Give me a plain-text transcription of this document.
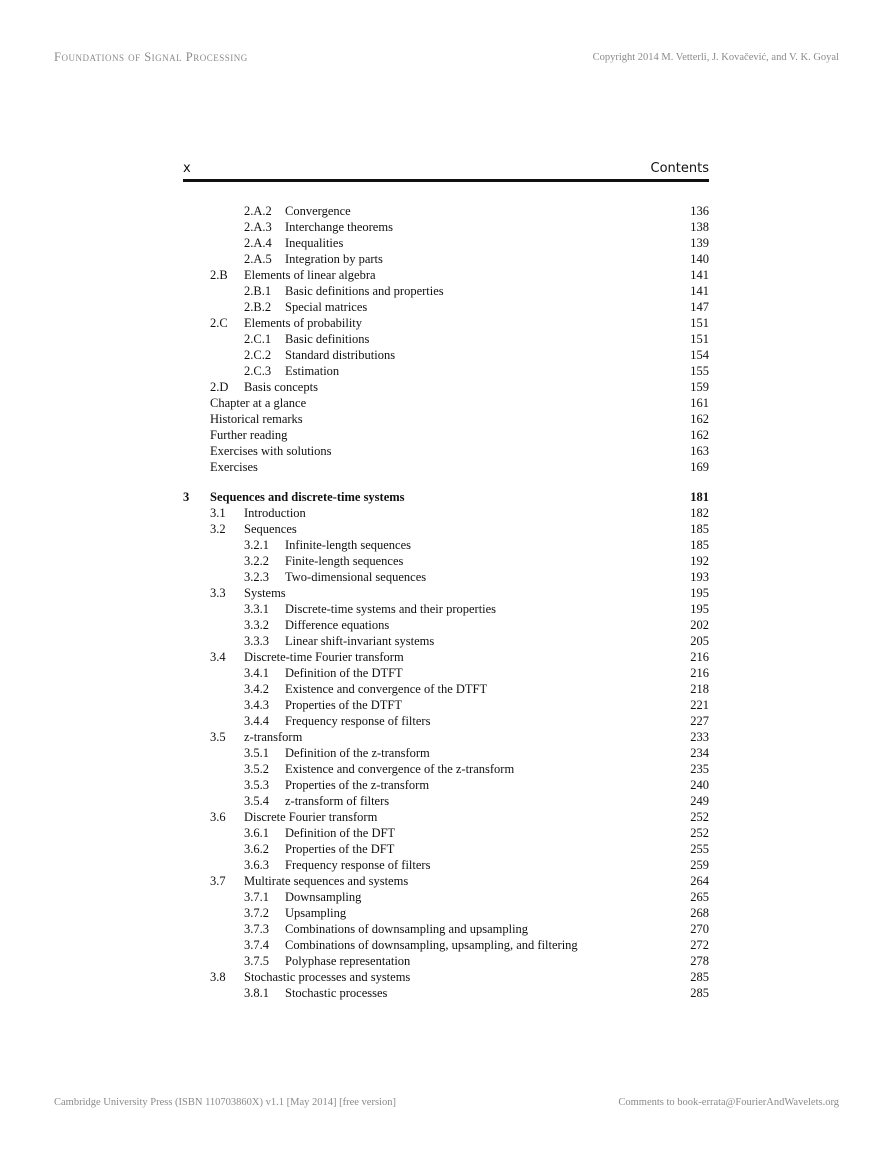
Foundations of Signal Processing	Copyright 2014 M. Vetterli, J. Kovačević, and V. K. Goyal
x	Contents
2.A.2 Convergence	136
2.A.3 Interchange theorems	138
2.A.4 Inequalities	139
2.A.5 Integration by parts	140
2.B Elements of linear algebra	141
2.B.1 Basic definitions and properties	141
2.B.2 Special matrices	147
2.C Elements of probability	151
2.C.1 Basic definitions	151
2.C.2 Standard distributions	154
2.C.3 Estimation	155
2.D Basis concepts	159
Chapter at a glance	161
Historical remarks	162
Further reading	162
Exercises with solutions	163
Exercises	169
3 Sequences and discrete-time systems	181
3.1 Introduction	182
3.2 Sequences	185
3.2.1 Infinite-length sequences	185
3.2.2 Finite-length sequences	192
3.2.3 Two-dimensional sequences	193
3.3 Systems	195
3.3.1 Discrete-time systems and their properties	195
3.3.2 Difference equations	202
3.3.3 Linear shift-invariant systems	205
3.4 Discrete-time Fourier transform	216
3.4.1 Definition of the DTFT	216
3.4.2 Existence and convergence of the DTFT	218
3.4.3 Properties of the DTFT	221
3.4.4 Frequency response of filters	227
3.5 z-transform	233
3.5.1 Definition of the z-transform	234
3.5.2 Existence and convergence of the z-transform	235
3.5.3 Properties of the z-transform	240
3.5.4 z-transform of filters	249
3.6 Discrete Fourier transform	252
3.6.1 Definition of the DFT	252
3.6.2 Properties of the DFT	255
3.6.3 Frequency response of filters	259
3.7 Multirate sequences and systems	264
3.7.1 Downsampling	265
3.7.2 Upsampling	268
3.7.3 Combinations of downsampling and upsampling	270
3.7.4 Combinations of downsampling, upsampling, and filtering	272
3.7.5 Polyphase representation	278
3.8 Stochastic processes and systems	285
3.8.1 Stochastic processes	285
Cambridge University Press (ISBN 110703860X) v1.1 [May 2014] [free version]	Comments to book-errata@FourierAndWavelets.org
